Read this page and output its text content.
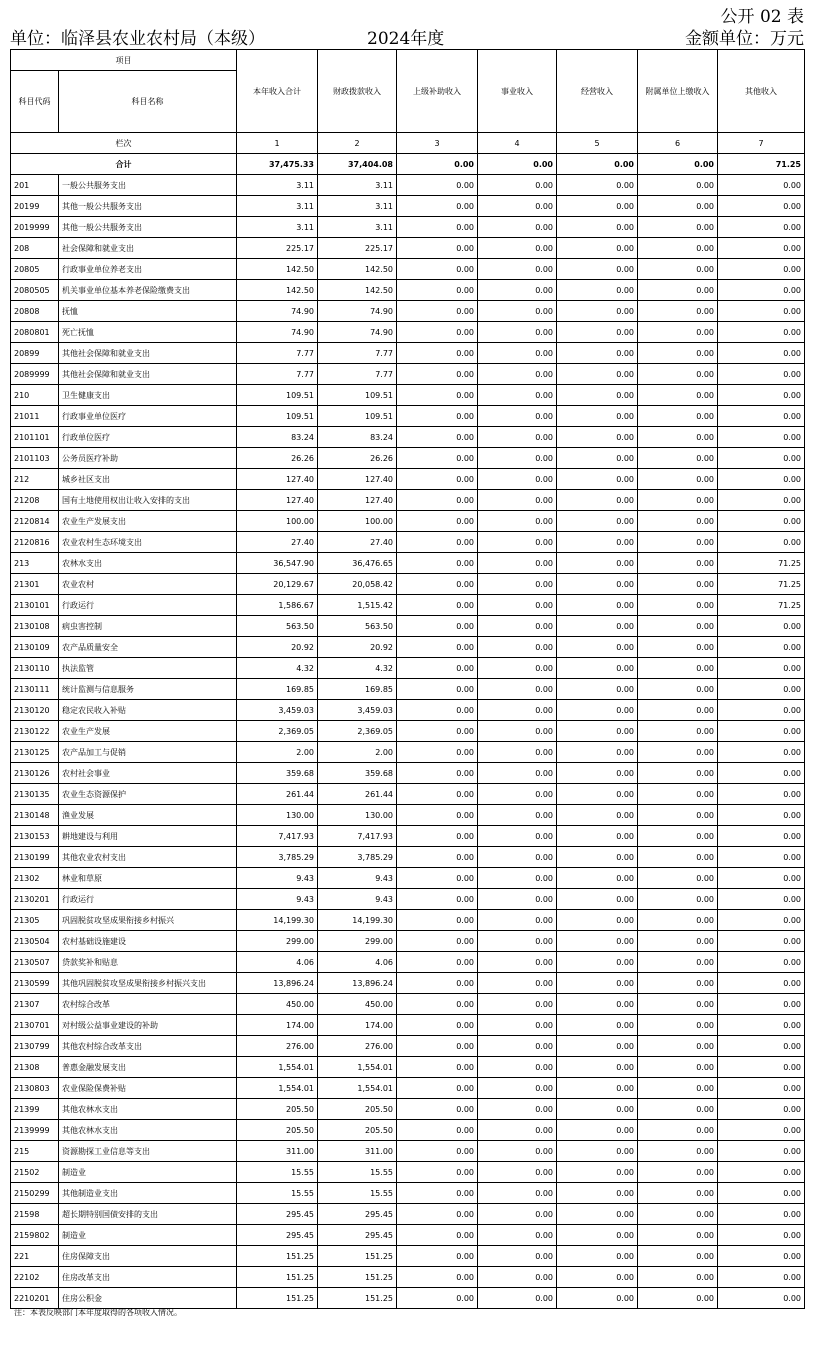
公开 02 表
单位：临泽县农业农村局（本级）	2024年度	金额单位：万元
项目		本年收入合计	财政拨款收入	上级补助收入	事业收入	经营收入	附属单位上缴收入	其他收入
科目代码	科目名称							

栏次		1	2	3	4	5	6	7
合计		37,475.33	37,404.08	0.00	0.00	0.00	0.00	71.25
201	一般公共服务支出	3.11	3.11	0.00	0.00	0.00	0.00	0.00
20199	其他一般公共服务支出	3.11	3.11	0.00	0.00	0.00	0.00	0.00
2019999	其他一般公共服务支出	3.11	3.11	0.00	0.00	0.00	0.00	0.00
208	社会保障和就业支出	225.17	225.17	0.00	0.00	0.00	0.00	0.00
20805	行政事业单位养老支出	142.50	142.50	0.00	0.00	0.00	0.00	0.00
2080505	机关事业单位基本养老保险缴费支出	142.50	142.50	0.00	0.00	0.00	0.00	0.00
20808	抚恤	74.90	74.90	0.00	0.00	0.00	0.00	0.00
2080801	死亡抚恤	74.90	74.90	0.00	0.00	0.00	0.00	0.00
20899	其他社会保障和就业支出	7.77	7.77	0.00	0.00	0.00	0.00	0.00
2089999	其他社会保障和就业支出	7.77	7.77	0.00	0.00	0.00	0.00	0.00
210	卫生健康支出	109.51	109.51	0.00	0.00	0.00	0.00	0.00
21011	行政事业单位医疗	109.51	109.51	0.00	0.00	0.00	0.00	0.00
2101101	行政单位医疗	83.24	83.24	0.00	0.00	0.00	0.00	0.00
2101103	公务员医疗补助	26.26	26.26	0.00	0.00	0.00	0.00	0.00
212	城乡社区支出	127.40	127.40	0.00	0.00	0.00	0.00	0.00
21208	国有土地使用权出让收入安排的支出	127.40	127.40	0.00	0.00	0.00	0.00	0.00
2120814	农业生产发展支出	100.00	100.00	0.00	0.00	0.00	0.00	0.00
2120816	农业农村生态环境支出	27.40	27.40	0.00	0.00	0.00	0.00	0.00
213	农林水支出	36,547.90	36,476.65	0.00	0.00	0.00	0.00	71.25
21301	农业农村	20,129.67	20,058.42	0.00	0.00	0.00	0.00	71.25
2130101	行政运行	1,586.67	1,515.42	0.00	0.00	0.00	0.00	71.25
2130108	病虫害控制	563.50	563.50	0.00	0.00	0.00	0.00	0.00
2130109	农产品质量安全	20.92	20.92	0.00	0.00	0.00	0.00	0.00
2130110	执法监管	4.32	4.32	0.00	0.00	0.00	0.00	0.00
2130111	统计监测与信息服务	169.85	169.85	0.00	0.00	0.00	0.00	0.00
2130120	稳定农民收入补贴	3,459.03	3,459.03	0.00	0.00	0.00	0.00	0.00
2130122	农业生产发展	2,369.05	2,369.05	0.00	0.00	0.00	0.00	0.00
2130125	农产品加工与促销	2.00	2.00	0.00	0.00	0.00	0.00	0.00
2130126	农村社会事业	359.68	359.68	0.00	0.00	0.00	0.00	0.00
2130135	农业生态资源保护	261.44	261.44	0.00	0.00	0.00	0.00	0.00
2130148	渔业发展	130.00	130.00	0.00	0.00	0.00	0.00	0.00
2130153	耕地建设与利用	7,417.93	7,417.93	0.00	0.00	0.00	0.00	0.00
2130199	其他农业农村支出	3,785.29	3,785.29	0.00	0.00	0.00	0.00	0.00
21302	林业和草原	9.43	9.43	0.00	0.00	0.00	0.00	0.00
2130201	行政运行	9.43	9.43	0.00	0.00	0.00	0.00	0.00
21305	巩固脱贫攻坚成果衔接乡村振兴	14,199.30	14,199.30	0.00	0.00	0.00	0.00	0.00
2130504	农村基础设施建设	299.00	299.00	0.00	0.00	0.00	0.00	0.00
2130507	贷款奖补和贴息	4.06	4.06	0.00	0.00	0.00	0.00	0.00
2130599	其他巩固脱贫攻坚成果衔接乡村振兴支出	13,896.24	13,896.24	0.00	0.00	0.00	0.00	0.00
21307	农村综合改革	450.00	450.00	0.00	0.00	0.00	0.00	0.00
2130701	对村级公益事业建设的补助	174.00	174.00	0.00	0.00	0.00	0.00	0.00
2130799	其他农村综合改革支出	276.00	276.00	0.00	0.00	0.00	0.00	0.00
21308	普惠金融发展支出	1,554.01	1,554.01	0.00	0.00	0.00	0.00	0.00
2130803	农业保险保费补贴	1,554.01	1,554.01	0.00	0.00	0.00	0.00	0.00
21399	其他农林水支出	205.50	205.50	0.00	0.00	0.00	0.00	0.00
2139999	其他农林水支出	205.50	205.50	0.00	0.00	0.00	0.00	0.00
215	资源勘探工业信息等支出	311.00	311.00	0.00	0.00	0.00	0.00	0.00
21502	制造业	15.55	15.55	0.00	0.00	0.00	0.00	0.00
2150299	其他制造业支出	15.55	15.55	0.00	0.00	0.00	0.00	0.00
21598	超长期特别国债安排的支出	295.45	295.45	0.00	0.00	0.00	0.00	0.00
2159802	制造业	295.45	295.45	0.00	0.00	0.00	0.00	0.00
221	住房保障支出	151.25	151.25	0.00	0.00	0.00	0.00	0.00
22102	住房改革支出	151.25	151.25	0.00	0.00	0.00	0.00	0.00
2210201	住房公积金	151.25	151.25	0.00	0.00	0.00	0.00	0.00
注：本表反映部门本年度取得的各项收入情况。
